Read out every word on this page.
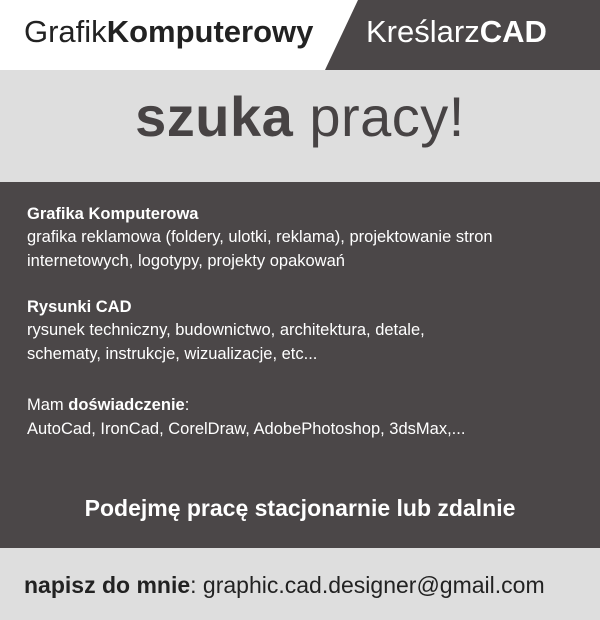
GrafikKomputerowy KreślarzCAD
szuka pracy!
Grafika Komputerowa
grafika reklamowa (foldery, ulotki, reklama), projektowanie stron
internetowych, logotypy, projekty opakowań
Rysunki CAD
rysunek techniczny, budownictwo, architektura, detale,
schematy, instrukcje, wizualizacje, etc...
Mam doświadczenie:
AutoCad, IronCad, CorelDraw, AdobePhotoshop, 3dsMax,...
Podejmę pracę stacjonarnie lub zdalnie
napisz do mnie: graphic.cad.designer@gmail.com
